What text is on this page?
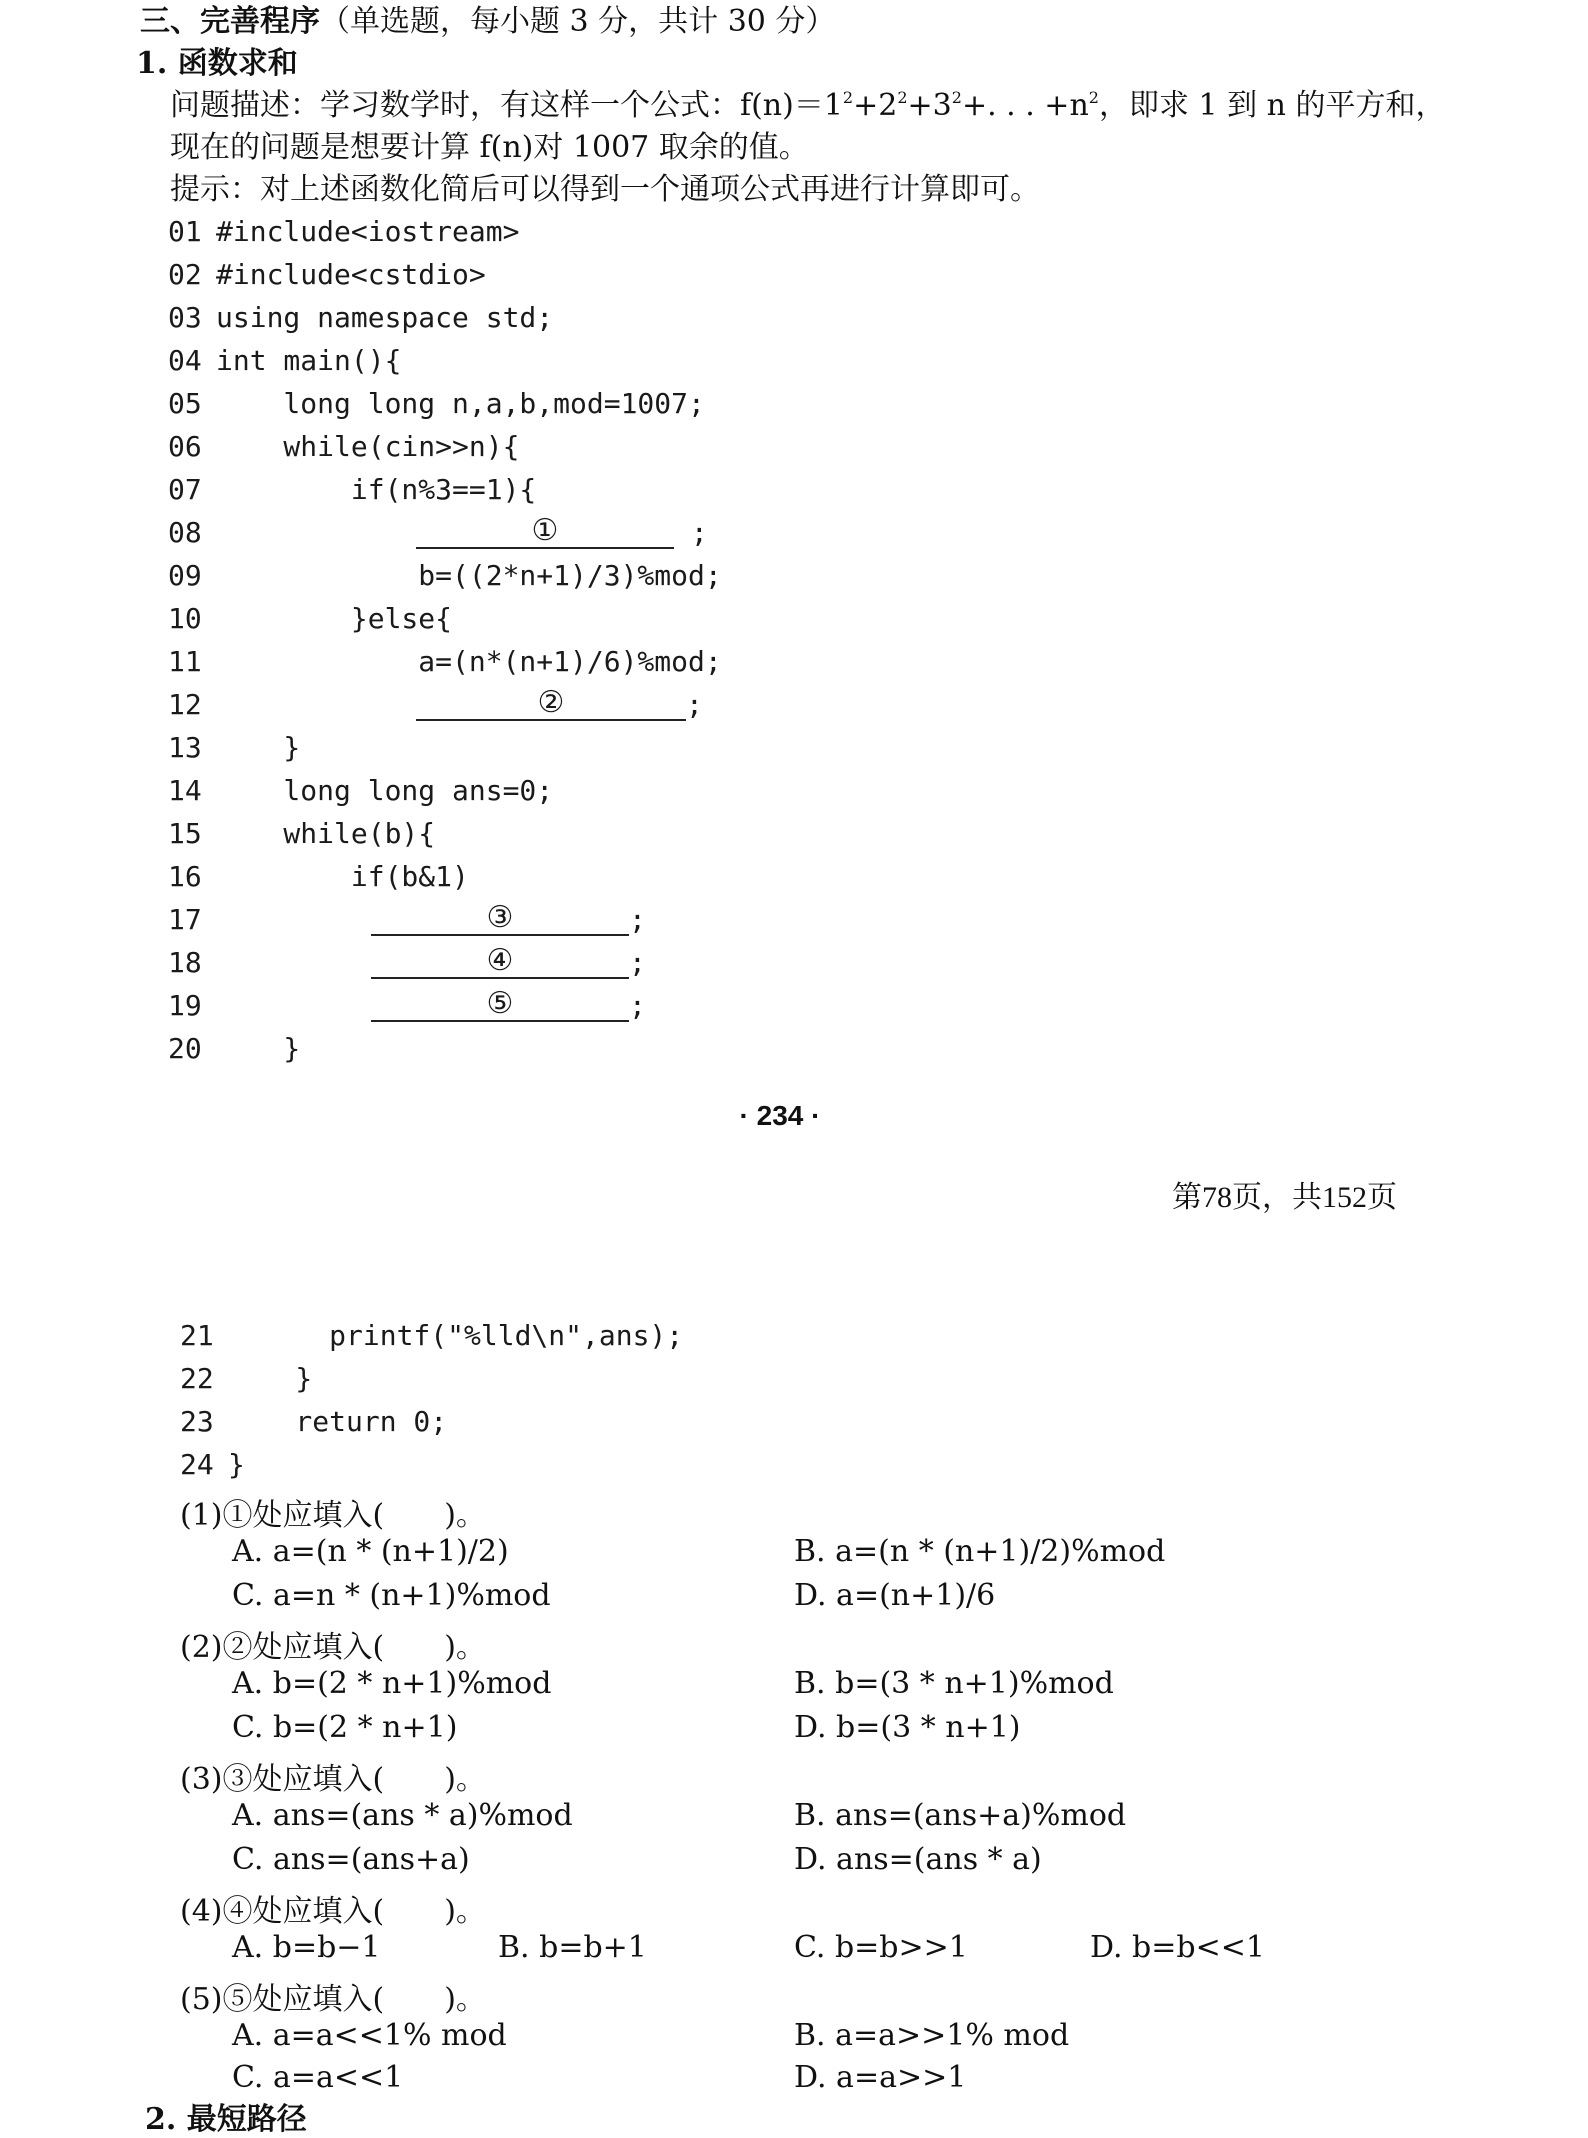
三、完善程序（单选题，每小题 3 分，共计 30 分）
1. 函数求和
问题描述：学习数学时，有这样一个公式：$f(n)=1^2+2^2+3^2+$. . . $+n^2$，即求 1 到 n 的平方和，
现在的问题是想要计算 f(n)对 1007 取余的值。
提示：对上述函数化简后可以得到一个通项公式再进行计算即可。
01 #include<iostream>
02 #include<cstdio>
03 using namespace std;
04 int main(){
05     long long n,a,b,mod=1007;
06     while(cin>>n){
07         if(n%3==1){
08	①	;
09             b=((2*n+1)/3)%mod;
10         }else{
11             a=(n*(n+1)/6)%mod;
12	②	;
13     }
14     long long ans=0;
15     while(b){
16         if(b&1)
17	③	;
18	④	;
19	⑤	;
20     }
· 234 ·
第78页，共152页
21       printf("%lld\n",ans);
22     }
23     return 0;
24 }
(1)①处应填入(　　)。
A. a=(n * (n+1)/2)	B. a=(n * (n+1)/2)%mod
C. a=n * (n+1)%mod	D. a=(n+1)/6
(2)②处应填入(　　)。
A. b=(2 * n+1)%mod	B. b=(3 * n+1)%mod
C. b=(2 * n+1)	D. b=(3 * n+1)
(3)③处应填入(　　)。
A. ans=(ans * a)%mod	B. ans=(ans+a)%mod
C. ans=(ans+a)	D. ans=(ans * a)
(4)④处应填入(　　)。
A. b=b−1	B. b=b+1	C. b=b>>1	D. b=b<<1
(5)⑤处应填入(　　)。
A. a=a<<1% mod	B. a=a>>1% mod
C. a=a<<1	D. a=a>>1
2. 最短路径
